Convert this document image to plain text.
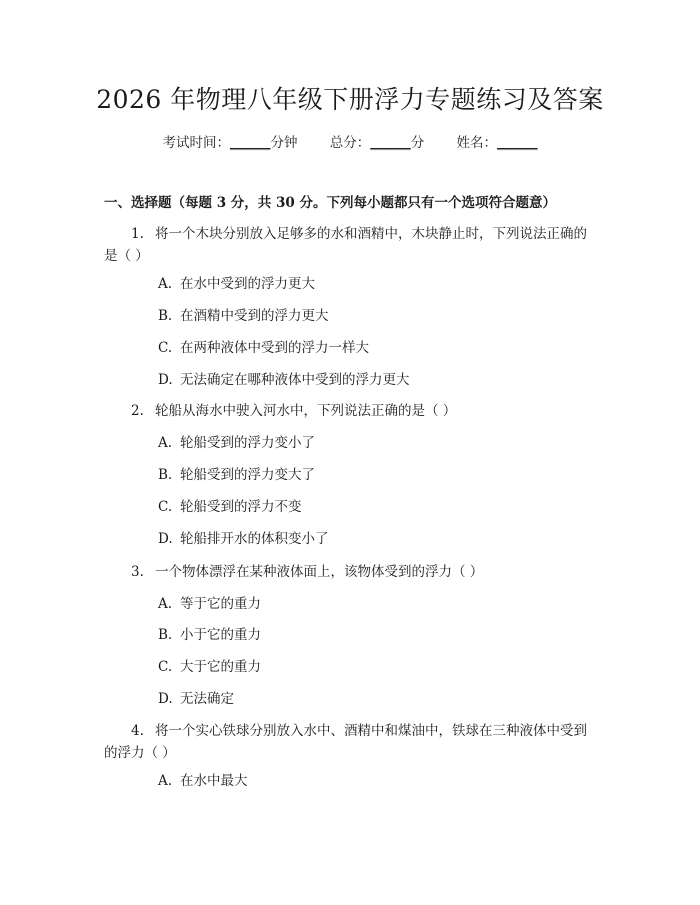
2026 年物理八年级下册浮力专题练习及答案
考试时间：______分钟 总分：______分 姓名：______
一、选择题（每题 3 分，共 30 分。下列每小题都只有一个选项符合题意）
1. 将一个木块分别放入足够多的水和酒精中，木块静止时，下列说法正确的
是（ ）
A. 在水中受到的浮力更大
B. 在酒精中受到的浮力更大
C. 在两种液体中受到的浮力一样大
D. 无法确定在哪种液体中受到的浮力更大
2. 轮船从海水中驶入河水中，下列说法正确的是（ ）
A. 轮船受到的浮力变小了
B. 轮船受到的浮力变大了
C. 轮船受到的浮力不变
D. 轮船排开水的体积变小了
3. 一个物体漂浮在某种液体面上，该物体受到的浮力（ ）
A. 等于它的重力
B. 小于它的重力
C. 大于它的重力
D. 无法确定
4. 将一个实心铁球分别放入水中、酒精中和煤油中，铁球在三种液体中受到
的浮力（ ）
A. 在水中最大
